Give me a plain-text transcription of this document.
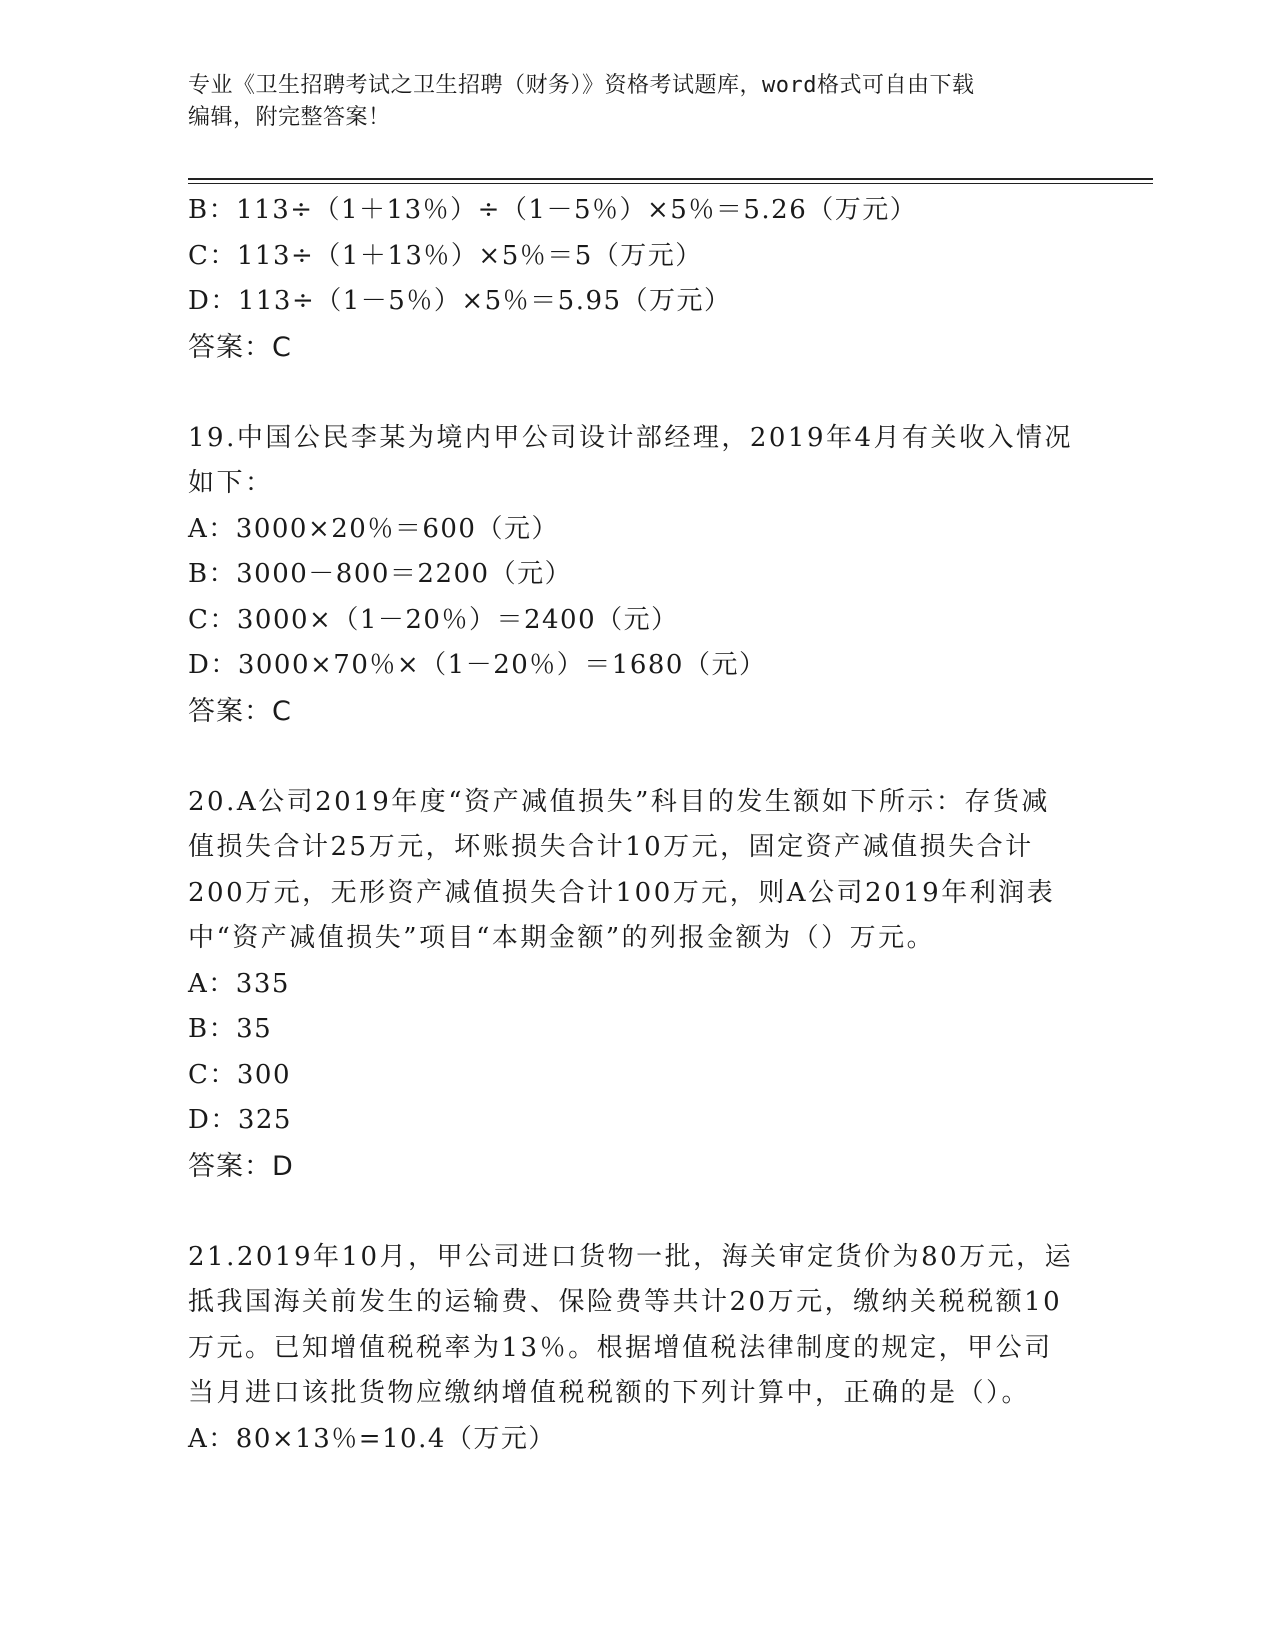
专业《卫生招聘考试之卫生招聘（财务）》资格考试题库，word格式可自由下载
编辑，附完整答案！
B：113÷（1＋13％）÷（1－5％）×5％＝5.26（万元）
C：113÷（1＋13％）×5％＝5（万元）
D：113÷（1－5％）×5％＝5.95（万元）
答案：C
19.中国公民李某为境内甲公司设计部经理，2019年4月有关收入情况
如下：
A：3000×20％＝600（元）
B：3000－800＝2200（元）
C：3000×（1－20％）＝2400（元）
D：3000×70％×（1－20％）＝1680（元）
答案：C
20.A公司2019年度“资产减值损失”科目的发生额如下所示：存货减
值损失合计25万元，坏账损失合计10万元，固定资产减值损失合计
200万元，无形资产减值损失合计100万元，则A公司2019年利润表
中“资产减值损失”项目“本期金额”的列报金额为（）万元。
A：335
B：35
C：300
D：325
答案：D
21.2019年10月，甲公司进口货物一批，海关审定货价为80万元，运
抵我国海关前发生的运输费、保险费等共计20万元，缴纳关税税额10
万元。已知增值税税率为13％。根据增值税法律制度的规定，甲公司
当月进口该批货物应缴纳增值税税额的下列计算中，正确的是（）。
A：80×13％=10.4（万元）
